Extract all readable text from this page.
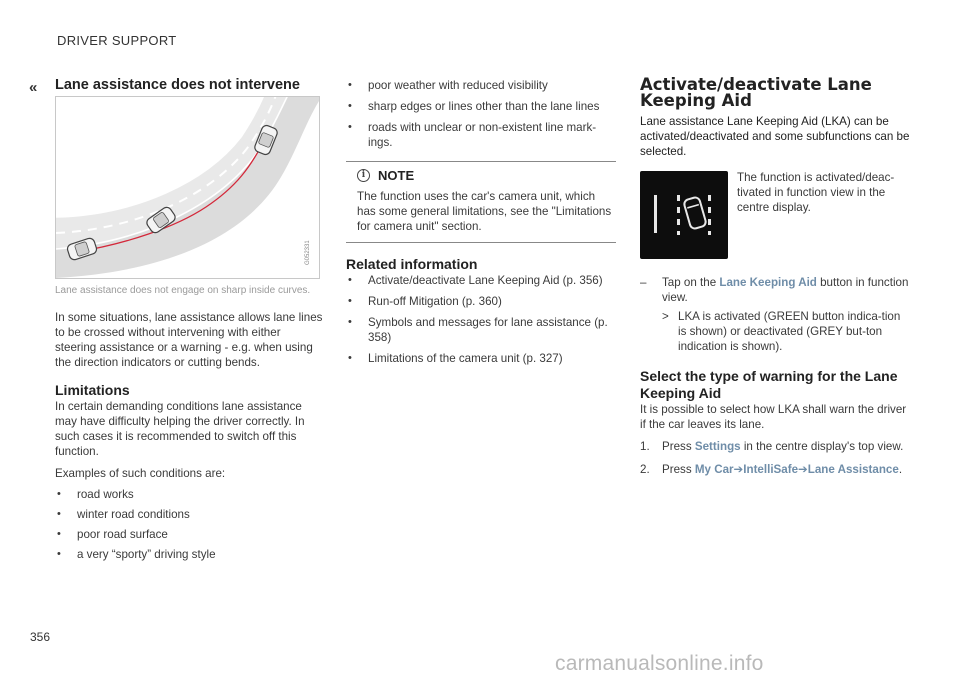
DRIVER SUPPORT
« Lane assistance does not intervene
G052331
Lane assistance does not engage on sharp inside curves.

In some situations, lane assistance allows lane lines to be crossed without intervening with either steering assistance or a warning - e.g. when using the direction indicators or cutting bends.

Limitations

In certain demanding conditions lane assistance may have difficulty helping the driver correctly. In such cases it is recommended to switch off this function.

Examples of such conditions are:

• road works
• winter road conditions
• poor road surface
• a very “sporty” driving style
• poor weather with reduced visibility
• sharp edges or lines other than the lane lines
• roads with unclear or non-existent line mark-ings.
i NOTE

The function uses the car's camera unit, which has some general limitations, see the "Limitations for camera unit" section.

Related information
• Activate/deactivate Lane Keeping Aid (p. 356)
• Run-off Mitigation (p. 360)
• Symbols and messages for lane assistance (p. 358)
• Limitations of the camera unit (p. 327)
Activate/deactivate Lane Keeping Aid

Lane assistance Lane Keeping Aid (LKA) can be activated/deactivated and some subfunctions can be selected.

The function is activated/deac-tivated in function view in the centre display.

– Tap on the Lane Keeping Aid button in function view.
> LKA is activated (GREEN button indica-tion is shown) or deactivated (GREY but-ton indication is shown).
Select the type of warning for the Lane Keeping Aid

It is possible to select how LKA shall warn the driver if the car leaves its lane.

1. Press Settings in the centre display's top view.
2. Press My Car➔IntelliSafe➔Lane Assistance.
356
carmanualsonline.info
